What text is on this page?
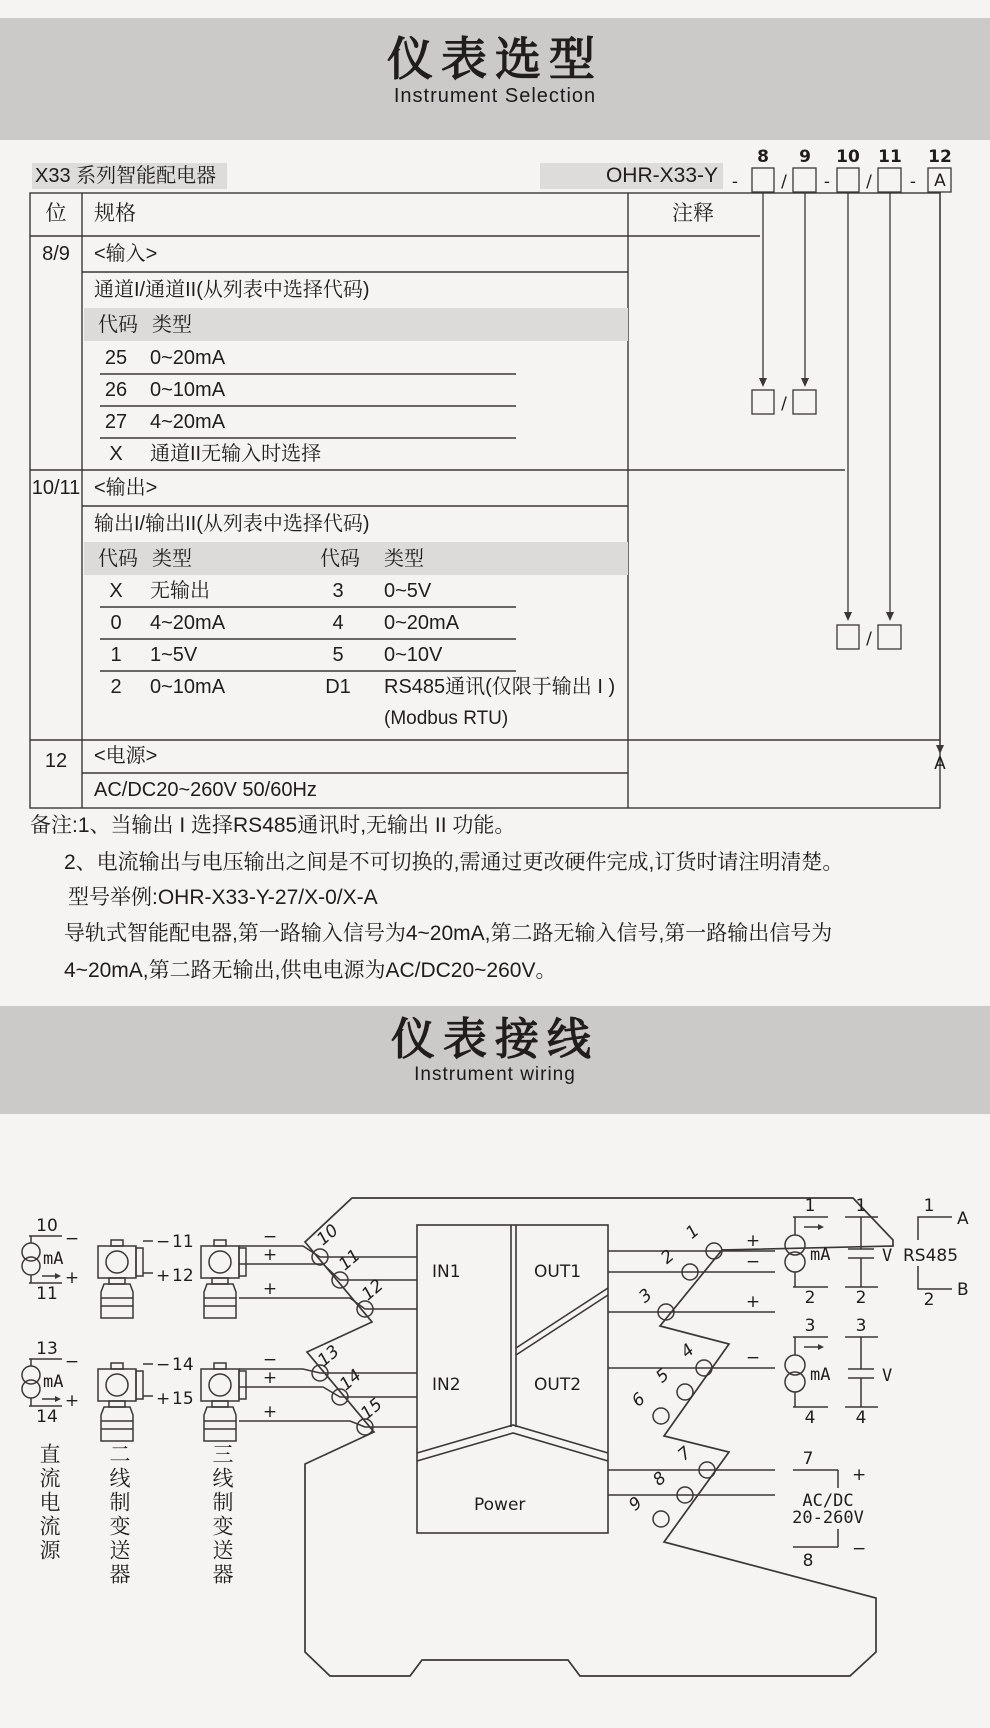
仪表选型
Instrument Selection
8 9 10 11 12
-	/ - / -
/
/
A
A
X33 系列智能配电器	OHR-X33-Y
位	规格	注释
8/9	<输入>
通道I/通道II(从列表中选择代码)
代码 类型
25 0~20mA
26 0~10mA
27 4~20mA
X	通道II无输入时选择
10/11 <输出>
输出I/输出II(从列表中选择代码)
代码 类型	代码 类型
X	无输出	3	0~5V
0	4~20mA	4	0~20mA
1	1~5V	5	0~10V
2	0~10mA	D1 RS485通讯(仅限于输出 I )
(Modbus RTU)
12	<电源>
AC/DC20~260V 50/60Hz
备注:1、当输出 I 选择RS485通讯时,无输出 II 功能。
2、电流输出与电压输出之间是不可切换的,需通过更改硬件完成,订货时请注明清楚。
型号举例:OHR-X33-Y-27/X-0/X-A
导轨式智能配电器,第一路输入信号为4~20mA,第二路无输入信号,第一路输出信号为
4~20mA,第二路无输出,供电电源为AC/DC20~260V。
仪表接线
Instrument wiring
IN1	OUT1
IN2	OUT2
Power
10
11
12
13
14
15
1
2
3
4
5
6
7
8
9
−
+
+
−
+
+
+
−
+
−
10
11
mA
−
+
13
14
mA
−
+
− 11
+ 12
− 14
+ 15
1
2
mA
1
2
V
1
2
A
B
RS485
3
4
mA
3
4
V
7
8
+
−
AC/DC
20-260V
直流电流源 二线制变送器	三线制变送器
